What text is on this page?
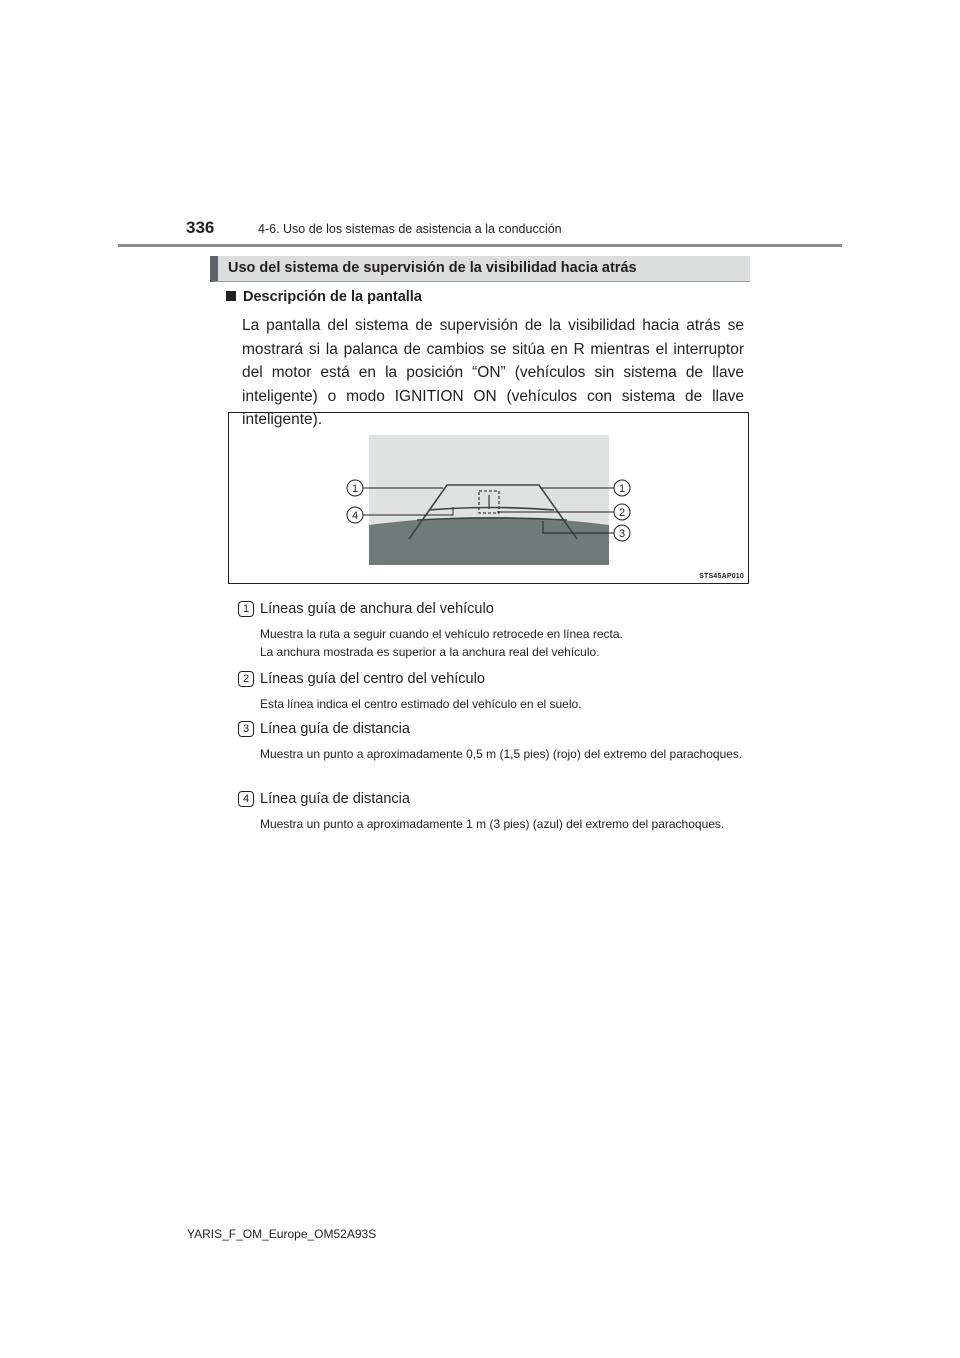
336	4-6. Uso de los sistemas de asistencia a la conducción
Uso del sistema de supervisión de la visibilidad hacia atrás
Descripción de la pantalla
La pantalla del sistema de supervisión de la visibilidad hacia atrás se mostrará si la palanca de cambios se sitúa en R mientras el interruptor del motor está en la posición “ON” (vehículos sin sistema de llave inteligente) o modo IGNITION ON (vehículos con sistema de llave inteligente).
1	1
4	2
3
STS45AP010
1 Líneas guía de anchura del vehículo
Muestra la ruta a seguir cuando el vehículo retrocede en línea recta.
La anchura mostrada es superior a la anchura real del vehículo.
2 Líneas guía del centro del vehículo
Esta línea indica el centro estimado del vehículo en el suelo.
3 Línea guía de distancia
Muestra un punto a aproximadamente 0,5 m (1,5 pies) (rojo) del extremo del parachoques.
4 Línea guía de distancia
Muestra un punto a aproximadamente 1 m (3 pies) (azul) del extremo del parachoques.
YARIS_F_OM_Europe_OM52A93S
